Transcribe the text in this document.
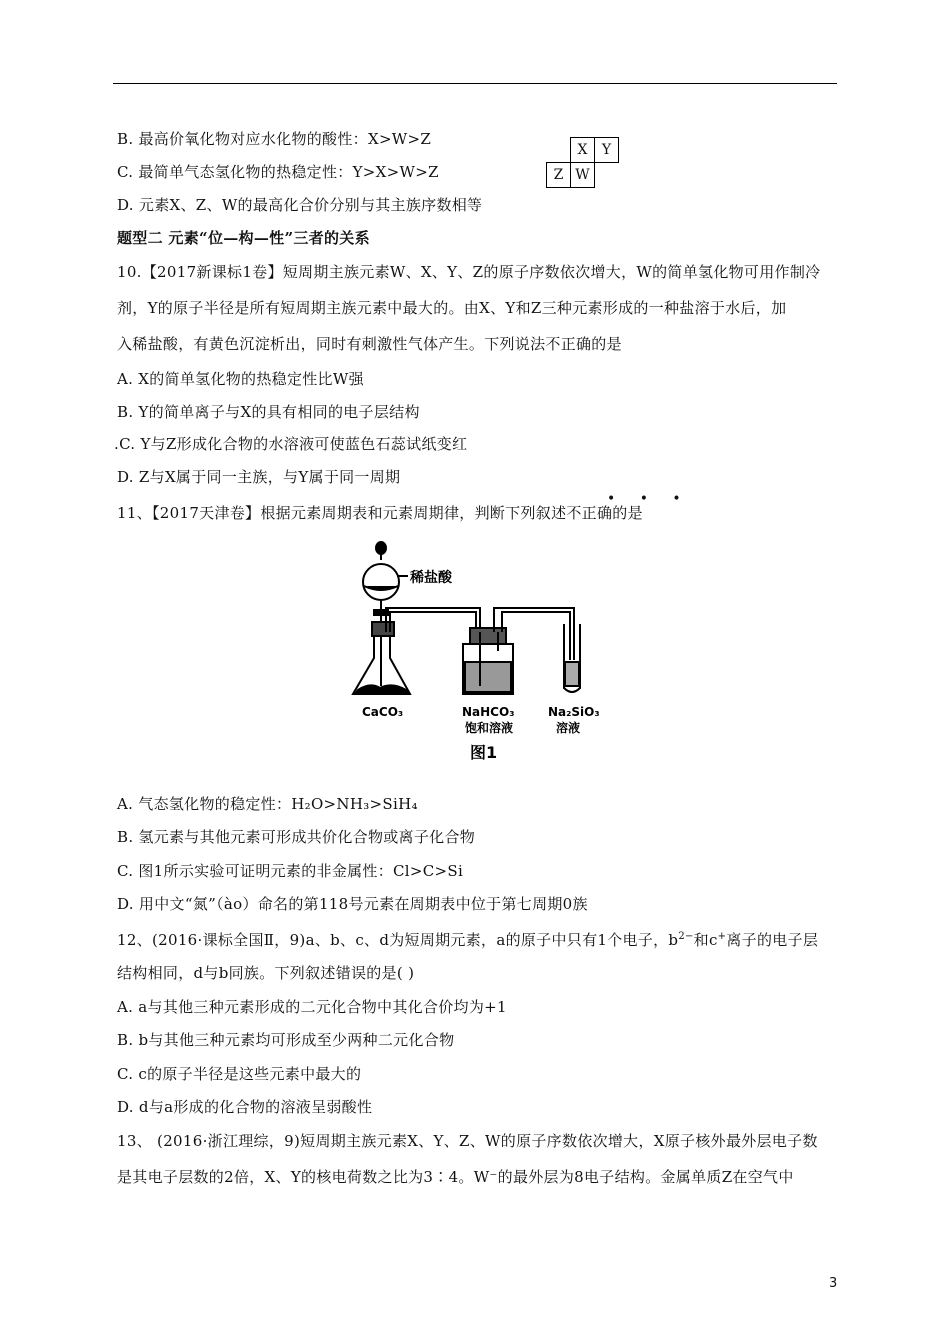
B. 最高价氧化物对应水化物的酸性：X>W>Z
C. 最简单气态氢化物的热稳定性：Y>X>W>Z
D. 元素X、Z、W的最高化合价分别与其主族序数相等
X	Y
Z W
题型二 元素“位—构—性”三者的关系
10.【2017新课标1卷】短周期主族元素W、X、Y、Z的原子序数依次增大，W的简单氢化物可用作制冷
剂，Y的原子半径是所有短周期主族元素中最大的。由X、Y和Z三种元素形成的一种盐溶于水后，加
入稀盐酸，有黄色沉淀析出，同时有刺激性气体产生。下列说法不正确的是
A. X的简单氢化物的热稳定性比W强
B. Y的简单离子与X的具有相同的电子层结构
.C. Y与Z形成化合物的水溶液可使蓝色石蕊试纸变红
D. Z与X属于同一主族，与Y属于同一周期
• • •
11、【2017天津卷】根据元素周期表和元素周期律，判断下列叙述不正确的是
稀盐酸
CaCO₃	NaHCO₃
饱和溶液
Na₂SiO₃
溶液
图1
A. 气态氢化物的稳定性：H₂O>NH₃>SiH₄
B. 氢元素与其他元素可形成共价化合物或离子化合物
C. 图1所示实验可证明元素的非金属性：Cl>C>Si
D. 用中文“氮”（ào）命名的第118号元素在周期表中位于第七周期0族
12、(2016·课标全国Ⅱ，9)a、b、c、d为短周期元素，a的原子中只有1个电子，$b^{2-}$和c+离子的电子层
结构相同，d与b同族。下列叙述错误的是( )
A. a与其他三种元素形成的二元化合物中其化合价均为+1
B. b与其他三种元素均可形成至少两种二元化合物
C. c的原子半径是这些元素中最大的
D. d与a形成的化合物的溶液呈弱酸性
13、 (2016·浙江理综，9)短周期主族元素X、Y、Z、W的原子序数依次增大，X原子核外最外层电子数
是其电子层数的2倍，X、Y的核电荷数之比为3∶4。W⁻的最外层为8电子结构。金属单质Z在空气中
3
